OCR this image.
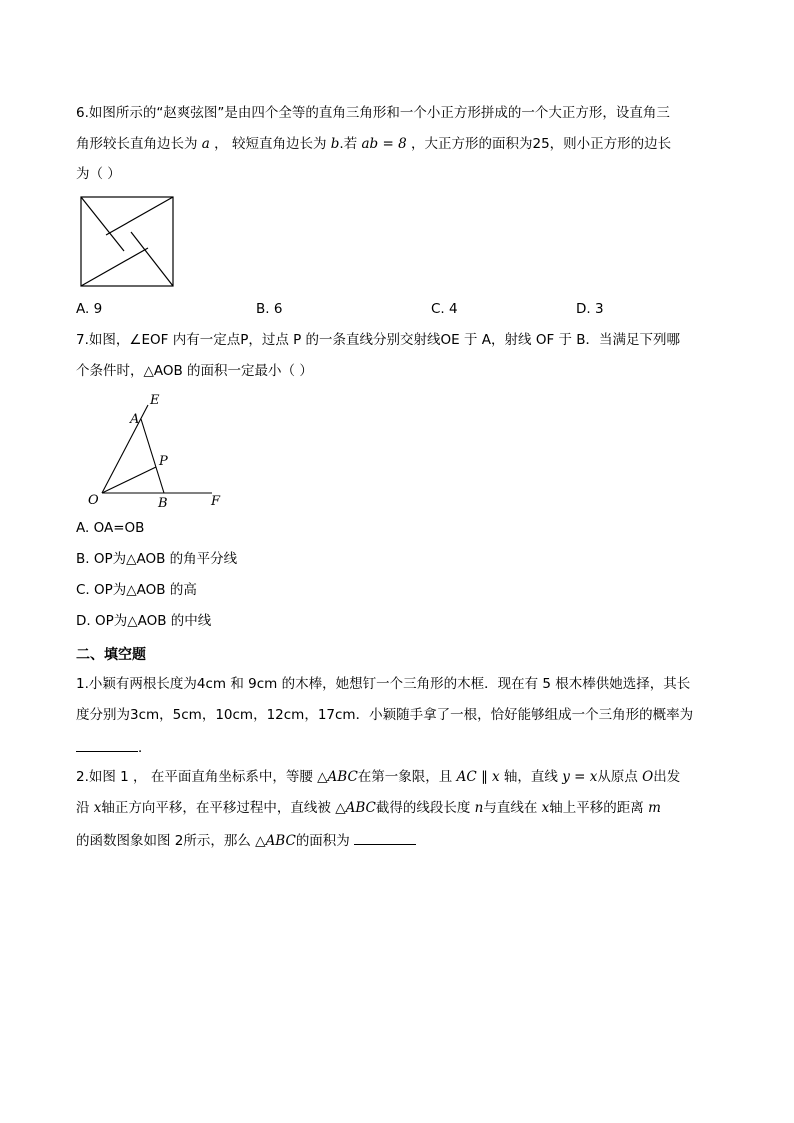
6.如图所示的“赵爽弦图”是由四个全等的直角三角形和一个小正方形拼成的一个大正方形，设直角三
角形较长直角边长为 a ， 较短直角边长为 b.若 ab = 8 ，大正方形的面积为25，则小正方形的边长
为（ ）
A. 9	B. 6	C. 4	D. 3
7.如图，∠EOF 内有一定点P，过点 P 的一条直线分别交射线OE 于 A，射线 OF 于 B．当满足下列哪
个条件时，△AOB 的面积一定最小（ ）
E
A
P
O	B	F
A. OA=OB
B. OP为△AOB 的角平分线
C. OP为△AOB 的高
D. OP为△AOB 的中线
二、填空题
1.小颖有两根长度为4cm 和 9cm 的木棒，她想钉一个三角形的木框．现在有 5 根木棒供她选择，其长
度分别为3cm，5cm，10cm，12cm，17cm．小颖随手拿了一根，恰好能够组成一个三角形的概率为
．
2.如图 1 ， 在平面直角坐标系中，等腰 △ABC在第一象限，且 AC ∥ x 轴，直线 y = x从原点 O出发
沿 x轴正方向平移，在平移过程中，直线被 △ABC截得的线段长度 n与直线在 x轴上平移的距离 m
的函数图象如图 2所示，那么 △ABC的面积为
